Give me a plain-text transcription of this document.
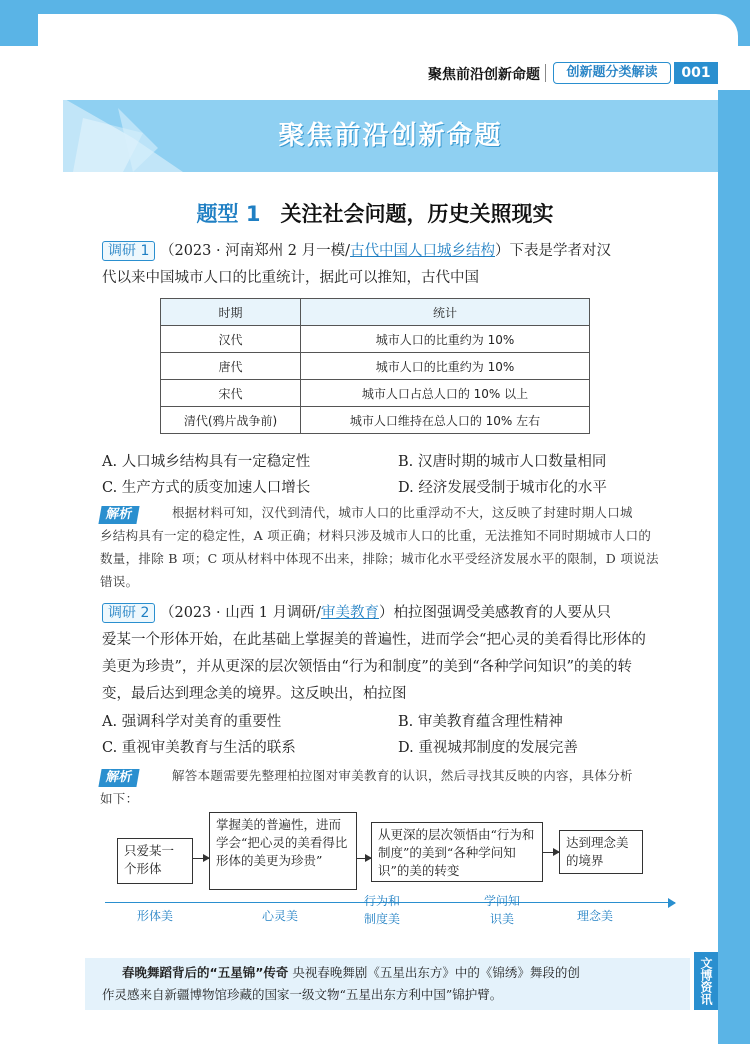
聚焦前沿创新命题	创新题分类解读	001
聚焦前沿创新命题
题型 1 关注社会问题，历史关照现实
调研 1 （2023 · 河南郑州 2 月一模/古代中国人口城乡结构）下表是学者对汉
代以来中国城市人口的比重统计，据此可以推知，古代中国
时期	统计
汉代	城市人口的比重约为 10%
唐代	城市人口的比重约为 10%
宋代	城市人口占总人口的 10% 以上
清代(鸦片战争前)	城市人口维持在总人口的 10% 左右
A. 人口城乡结构具有一定稳定性	B. 汉唐时期的城市人口数量相同
C. 生产方式的质变加速人口增长	D. 经济发展受制于城市化的水平
解析	根据材料可知，汉代到清代，城市人口的比重浮动不大，这反映了封建时期人口城
乡结构具有一定的稳定性，A 项正确；材料只涉及城市人口的比重，无法推知不同时期城市人口的
数量，排除 B 项；C 项从材料中体现不出来，排除；城市化水平受经济发展水平的限制，D 项说法
错误。
调研 2 （2023 · 山西 1 月调研/审美教育）柏拉图强调受美感教育的人要从只
爱某一个形体开始，在此基础上掌握美的普遍性，进而学会“把心灵的美看得比形体的
美更为珍贵”，并从更深的层次领悟由“行为和制度”的美到“各种学问知识”的美的转
变，最后达到理念美的境界。这反映出，柏拉图
A. 强调科学对美育的重要性	B. 审美教育蕴含理性精神
C. 重视审美教育与生活的联系	D. 重视城邦制度的发展完善
解析	解答本题需要先整理柏拉图对审美教育的认识，然后寻找其反映的内容，具体分析
如下：
只爱某一个形体
掌握美的普遍性，进而学会“把心灵的美看得比形体的美更为珍贵”
从更深的层次领悟由“行为和制度”的美到“各种学问知识”的美的转变
达到理念美的境界
形体美	心灵美
行为和制度美
学问知识美	理念美
春晚舞蹈背后的“五星锦”传奇 央视春晚舞剧《五星出东方》中的《锦绣》舞段的创
作灵感来自新疆博物馆珍藏的国家一级文物“五星出东方利中国”锦护臂。	文博资讯
